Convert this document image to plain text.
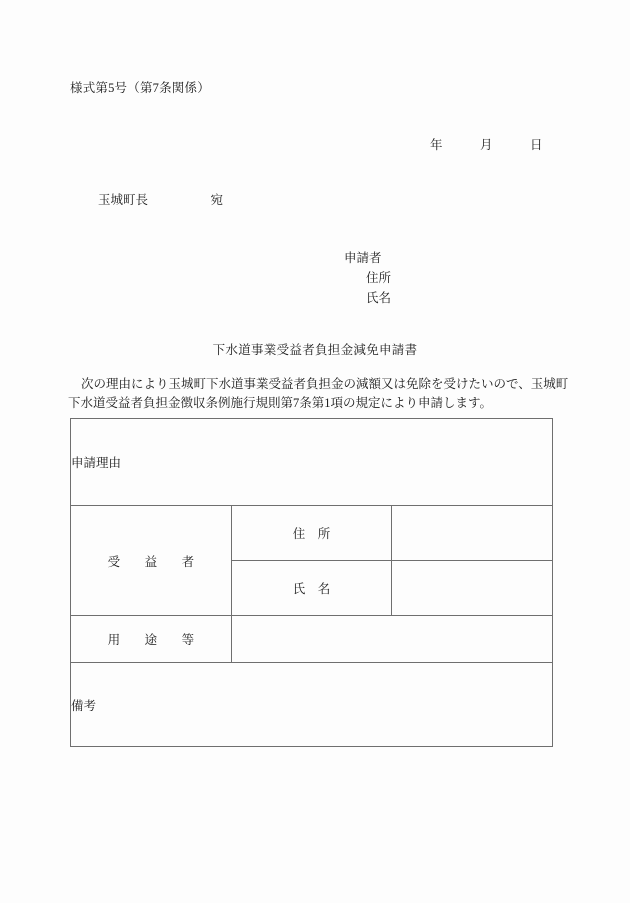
様式第5号（第7条関係）
年　　　月　　　日
玉城町長　　　　　宛
申請者
住所
氏名
下水道事業受益者負担金減免申請書
次の理由により玉城町下水道事業受益者負担金の減額又は免除を受けたいので、玉城町
下水道受益者負担金徴収条例施行規則第7条第1項の規定により申請します。
申請理由		
受　益　者	住　所	
	氏　名	
用　途　等		
備考		
